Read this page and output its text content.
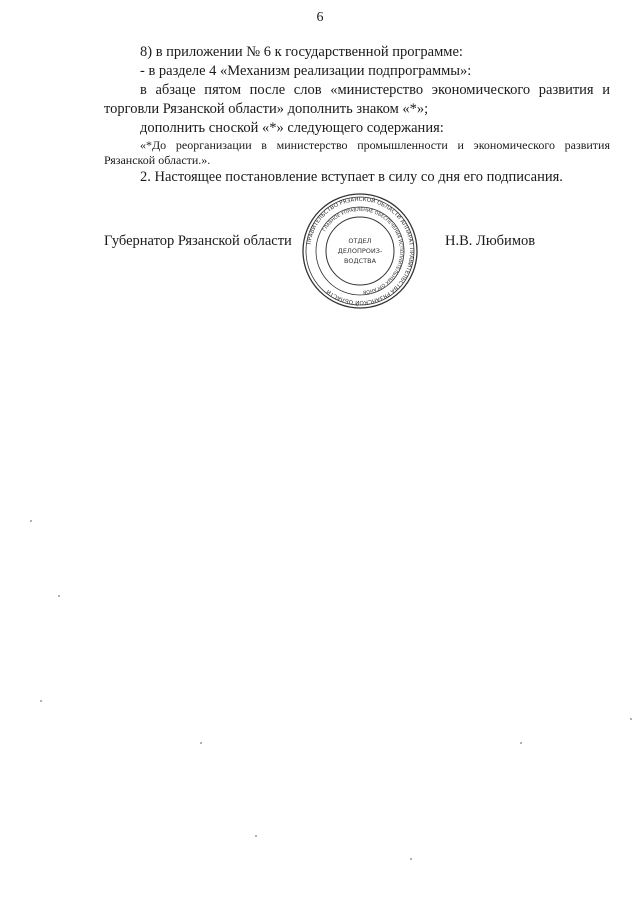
6

8) в приложении № 6 к государственной программе:

- в разделе 4 «Механизм реализации подпрограммы»:

в абзаце пятом после слов «министерство экономического развития и торговли Рязанской области» дополнить знаком «*»;

дополнить сноской «*» следующего содержания:

«*До реорганизации в министерство промышленности и экономического развития Рязанской области.».

2. Настоящее постановление вступает в силу со дня его подписания.

Губернатор Рязанской области	Н.В. Любимов
ПРАВИТЕЛЬСТВО РЯЗАНСКОЙ ОБЛАСТИ АППАРАТ ПРАВИТЕЛЬСТВА РЯЗАНСКОЙ ОБЛАСТИ
ГЛАВНОЕ УПРАВЛЕНИЕ ОБЕСПЕЧЕНИЯ ИСПОЛНИТЕЛЬНЫХ ОРГАНОВ
ОТДЕЛ
ДЕЛОПРОИЗ-
ВОДСТВА
